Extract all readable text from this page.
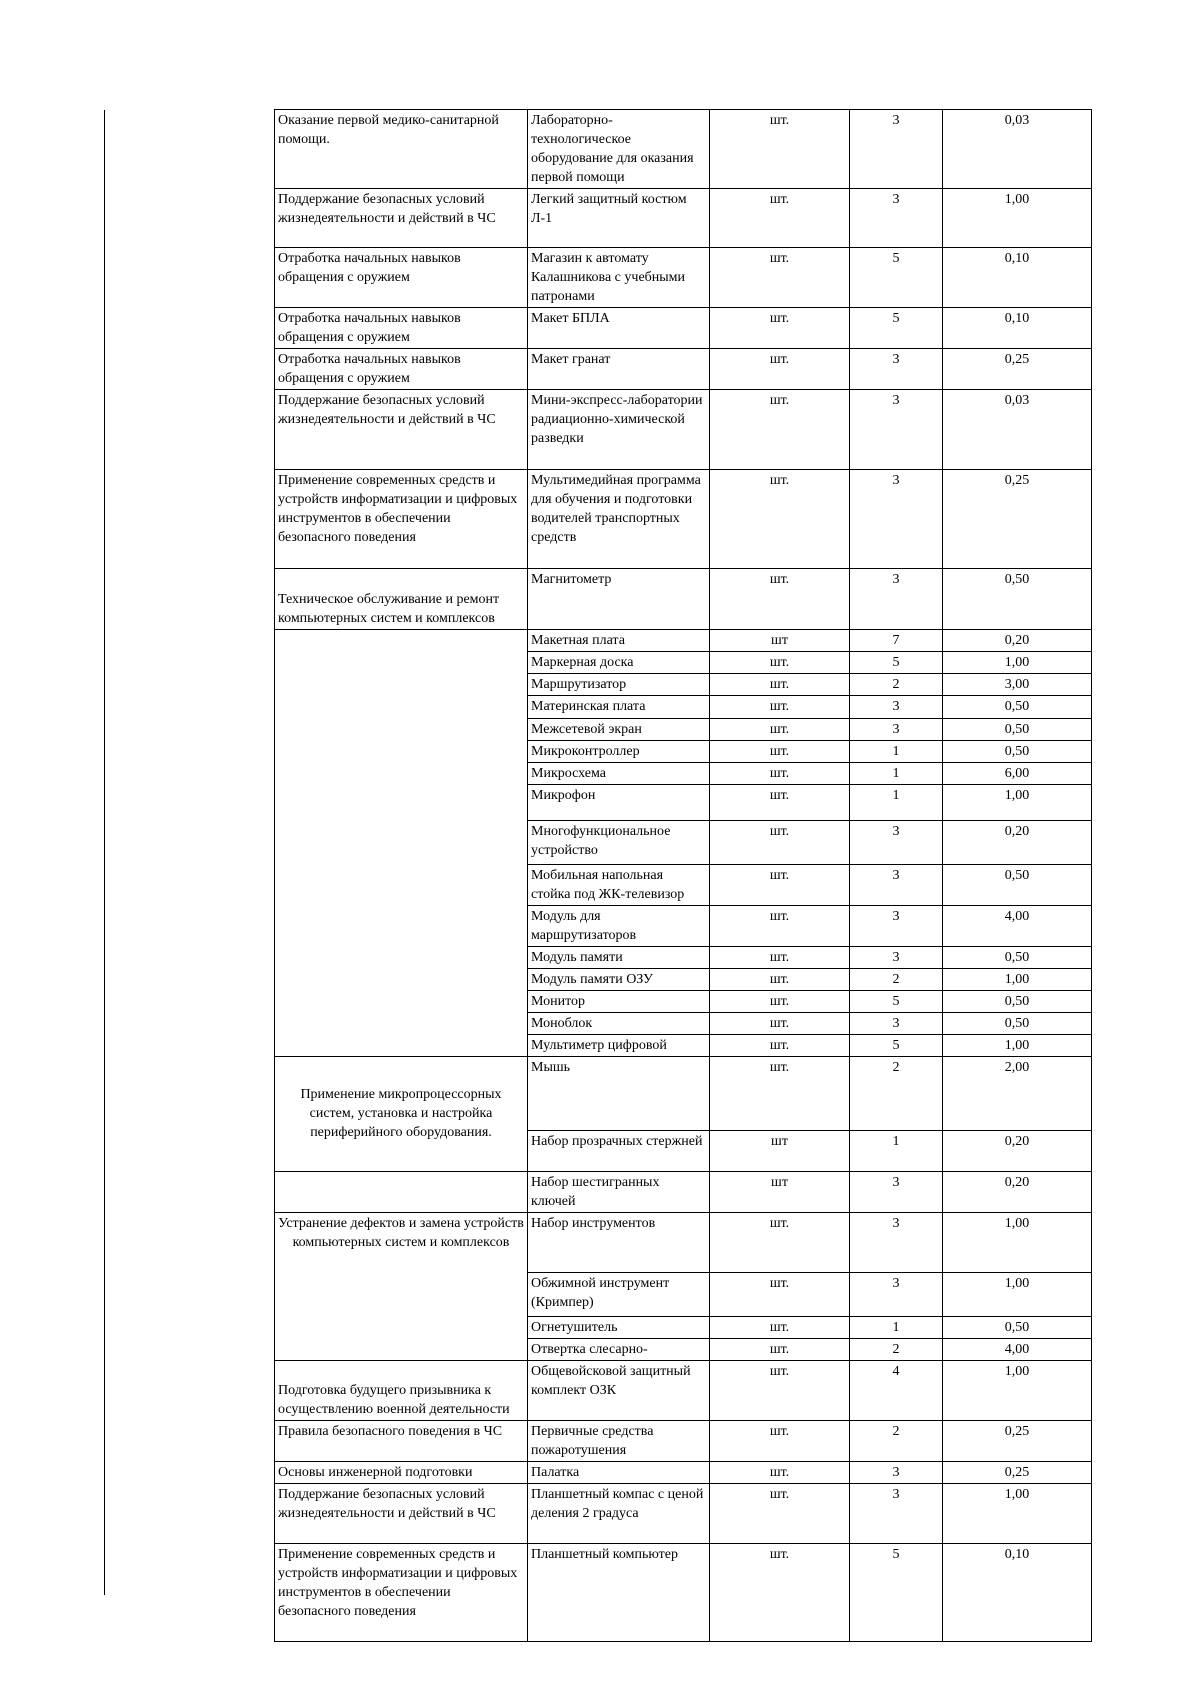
Оказание первой медико-санитарной помощи.	Лабораторно-технологическое оборудование для оказания первой помощи	шт.	3	0,03
Поддержание безопасных условий жизнедеятельности и действий в ЧС	Легкий защитный костюм Л-1	шт.	3	1,00
Отработка начальных навыков обращения с оружием	Магазин к автомату Калашникова с учебными патронами	шт.	5	0,10
Отработка начальных навыков обращения с оружием	Макет БПЛА	шт.	5	0,10
Отработка начальных навыков обращения с оружием	Макет гранат	шт.	3	0,25
Поддержание безопасных условий жизнедеятельности и действий в ЧС	Мини-экспресс-лаборатории радиационно-химической разведки	шт.	3	0,03
Применение современных средств и устройств информатизации и цифровых инструментов в обеспечении безопасного поведения	Мультимедийная программа для обучения и подготовки водителей транспортных средств	шт.	3	0,25
Техническое обслуживание и ремонт компьютерных систем и комплексов	Магнитометр	шт.	3	0,50
	Макетная плата	шт	7	0,20
	Маркерная доска	шт.	5	1,00
	Маршрутизатор	шт.	2	3,00
	Материнская плата	шт.	3	0,50
	Межсетевой экран	шт.	3	0,50
	Микроконтроллер	шт.	1	0,50
	Микросхема	шт.	1	6,00
	Микрофон	шт.	1	1,00
	Многофункциональное устройство	шт.	3	0,20
	Мобильная напольная стойка под ЖК-телевизор	шт.	3	0,50
	Модуль для маршрутизаторов	шт.	3	4,00
	Модуль памяти	шт.	3	0,50
	Модуль памяти ОЗУ	шт.	2	1,00
	Монитор	шт.	5	0,50
	Моноблок	шт.	3	0,50
	Мультиметр цифровой	шт.	5	1,00
Применение микропроцессорных систем, установка и настройка периферийного оборудования.	Мышь	шт.	2	2,00
	Набор прозрачных стержней	шт	1	0,20
	Набор шестигранных ключей	шт	3	0,20
Устранение дефектов и замена устройств компьютерных систем и комплексов	Набор инструментов	шт.	3	1,00
	Обжимной инструмент (Кримпер)	шт.	3	1,00
	Огнетушитель	шт.	1	0,50
	Отвертка слесарно-	шт.	2	4,00
Подготовка будущего призывника к осуществлению военной деятельности	Общевойсковой защитный комплект ОЗК	шт.	4	1,00
Правила безопасного поведения в ЧС	Первичные средства пожаротушения	шт.	2	0,25
Основы инженерной подготовки	Палатка	шт.	3	0,25
Поддержание безопасных условий жизнедеятельности и действий в ЧС	Планшетный компас с ценой деления 2 градуса	шт.	3	1,00
Применение современных средств и устройств информатизации и цифровых инструментов в обеспечении безопасного поведения	Планшетный компьютер	шт.	5	0,10
